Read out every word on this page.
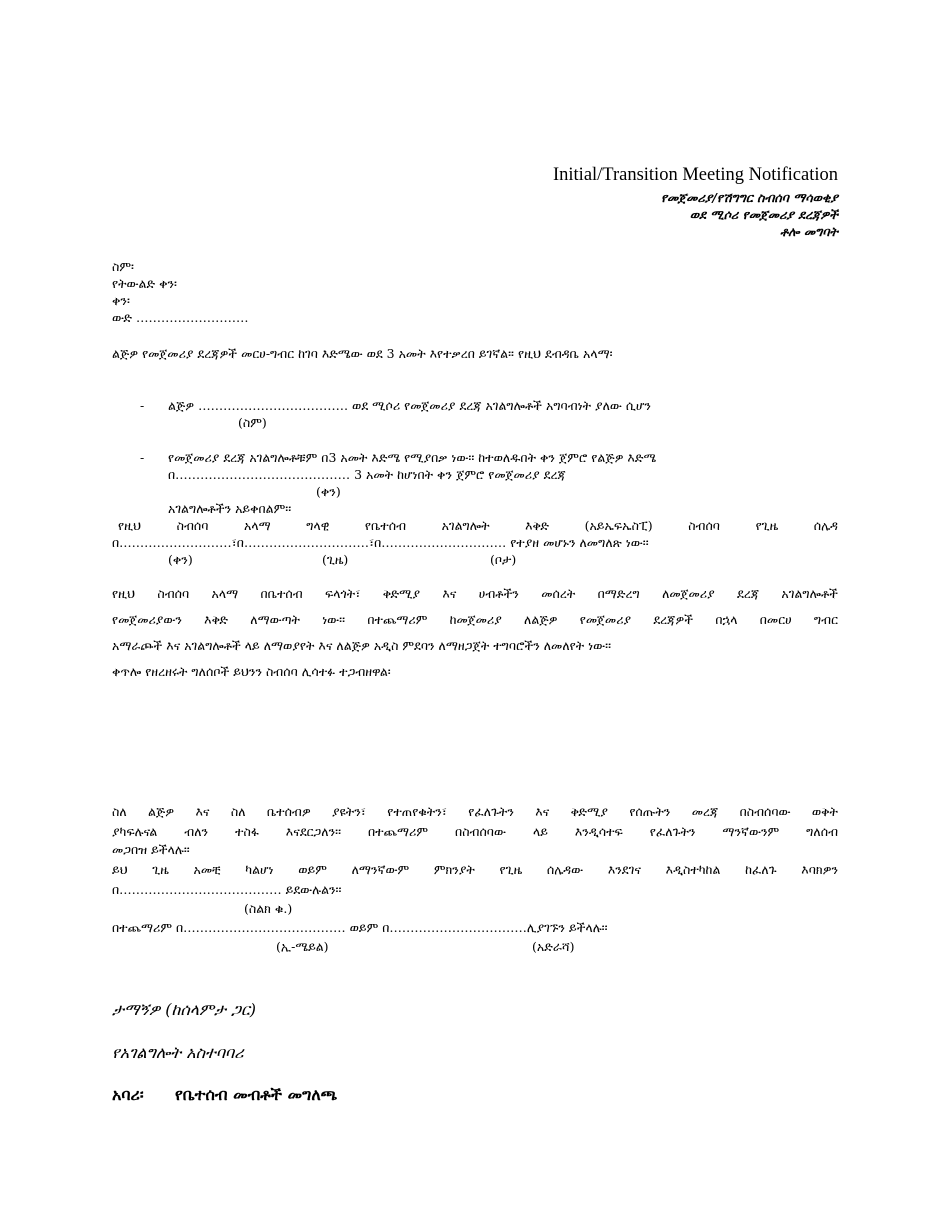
Initial/Transition Meeting Notification
የመጀመሪያ/የሽግግር ስብሰባ ማሳወቂያ
ወደ ሚሶሪ የመጀመሪያ ደረጃዎች
ቶሎ መግባት
ስም፡
የትውልድ ቀን፡
ቀን፡
ውድ ………………………
ልጅዎ የመጀመሪያ ደረጃዎች መርሀ-ግብር ከገባ እድሜው ወደ 3 አመት እየተቃረበ ይገኛል፡፡ የዚህ ደብዳቤ አላማ፡
- ልጅዎ ……………………………… ወደ ሚሶሪ የመጀመሪያ ደረጃ አገልግሎቶች አግባብነት ያለው ሲሆን
(ስም)
- የመጀመሪያ ደረጃ አገልግሎቶቹም በ3 አመት እድሜ የሚያበቃ ነው፡፡ ከተወለዱበት ቀን ጀምሮ የልጅዎ እድሜ
በ…………………………………… 3 አመት ከሆነበት ቀን ጀምሮ የመጀመሪያ ደረጃ
(ቀን)
አገልግሎቶችን አይቀበልም፡፡
የዚህ ስብሰባ አላማ ግላዊ የቤተሰብ አገልግሎት እቅድ (አይኤፍኤስፒ) ስብሰባ የጊዜ ሰሌዳ
በ………………………፣በ…………………………፣በ………………………… የተያዘ መሆኑን ለመግለጽ ነው፡፡
(ቀን)	(ጊዜ)	(ቦታ)
የዚህ ስብሰባ አላማ በቤተሰብ ፍላጎት፣ ቅድሚያ እና ሀብቶችን መሰረት በማድረግ ለመጀመሪያ ደረጃ አገልግሎቶች
የመጀመሪያውን እቅድ ለማውጣት ነው፡፡ በተጨማሪም ከመጀመሪያ ለልጅዎ የመጀመሪያ ደረጃዎች በኋላ በመርሀ ግብር
አማራጮች እና አገልግሎቶች ላይ ለማወያየት እና ለልጅዎ አዲስ ምደባን ለማዘጋጀት ተግባሮችን ለመለየት ነው፡፡
ቀጥሎ የዘረዘሩት ግለሰቦች ይህንን ስብሰባ ሊሳተፉ ተጋብዘዋል፡
ስለ ልጅዎ እና ስለ ቤተሰብዎ ያዩትን፣ የተጠየቁትን፣ የፈለጉትን እና ቅድሚያ የሰጡትን መረጃ በስብሰባው ወቅት
ያካፍሉናል ብለን ተስፋ እናደርጋለን፡፡ በተጨማሪም በስብሰባው ላይ እንዲሳተፍ የፈለጉትን ማንኛውንም ግለሰብ
መጋበዝ ይችላሉ፡፡
ይህ ጊዜ አመቺ ካልሆነ ወይም ለማንኛውም ምክንያት የጊዜ ሰሌዳው እንደገና እዲስተካከል ከፈለጉ እባክዎን
በ………………………………… ይደውሉልን፡፡
(ስልክ ቁ.)
በተጨማሪም በ………………………………… ወይም በ……………………………ሊያገኙን ይችላሉ፡፡
(ኢ-ሜይል)	(አድራሻ)
ታማኝዎ (ከሰላምታ ጋር)
የአገልግሎት አስተባባሪ
አባሪ፡ የቤተሰብ መብቶች መግለጫ
